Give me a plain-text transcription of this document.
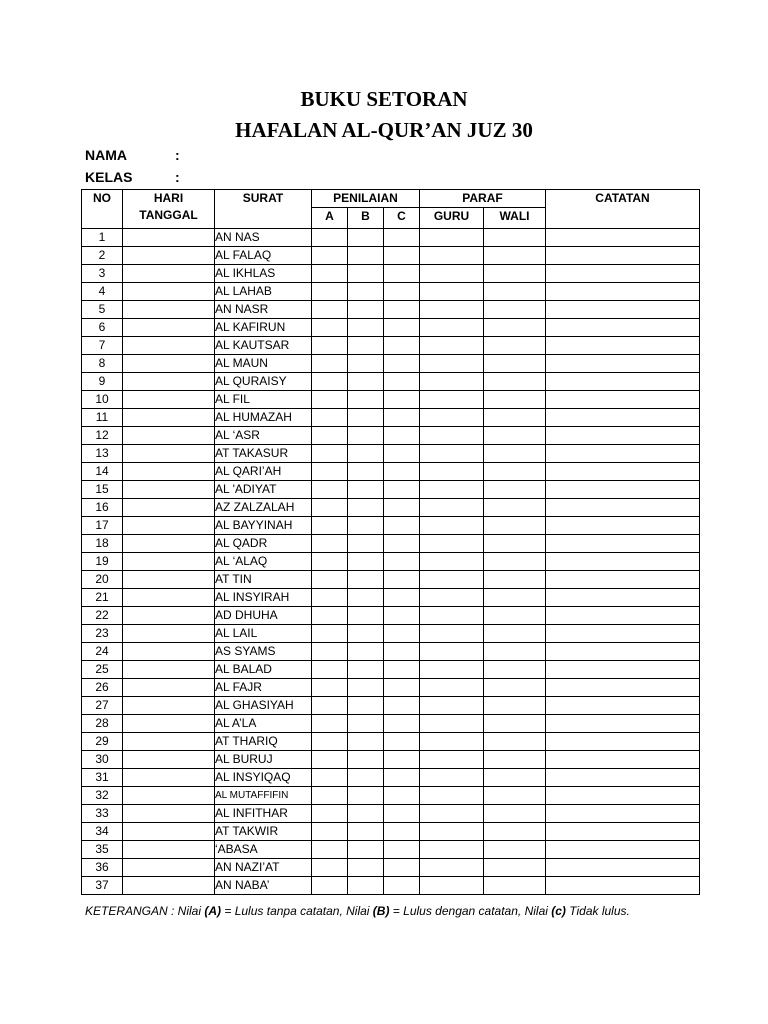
BUKU SETORAN
HAFALAN AL-QUR’AN JUZ 30
NAMA	:
KELAS	:
NO	HARI
TANGGAL	SURAT	PENILAIAN			PARAF		CATATAN
			A	B	C	GURU	WALI	
1		AN NAS						
2		AL FALAQ						
3		AL IKHLAS						
4		AL LAHAB						
5		AN NASR						
6		AL KAFIRUN						
7		AL KAUTSAR						
8		AL MAUN						
9		AL QURAISY						
10		AL FIL						
11		AL HUMAZAH						
12		AL ‘ASR						
13		AT TAKASUR						
14		AL QARI’AH						
15		AL 'ADIYAT						
16		AZ ZALZALAH						
17		AL BAYYINAH						
18		AL QADR						
19		AL ‘ALAQ						
20		AT TIN						
21		AL INSYIRAH						
22		AD DHUHA						
23		AL LAIL						
24		AS SYAMS						
25		AL BALAD						
26		AL FAJR						
27		AL GHASIYAH						
28		AL A’LA						
29		AT THARIQ						
30		AL BURUJ						
31		AL INSYIQAQ						
32		AL MUTAFFIFIN						
33		AL INFITHAR						
34		AT TAKWIR						
35		‘ABASA						
36		AN NAZI’AT						
37		AN NABA’						
KETERANGAN : Nilai (A) = Lulus tanpa catatan, Nilai (B) = Lulus dengan catatan, Nilai (c) Tidak lulus.
